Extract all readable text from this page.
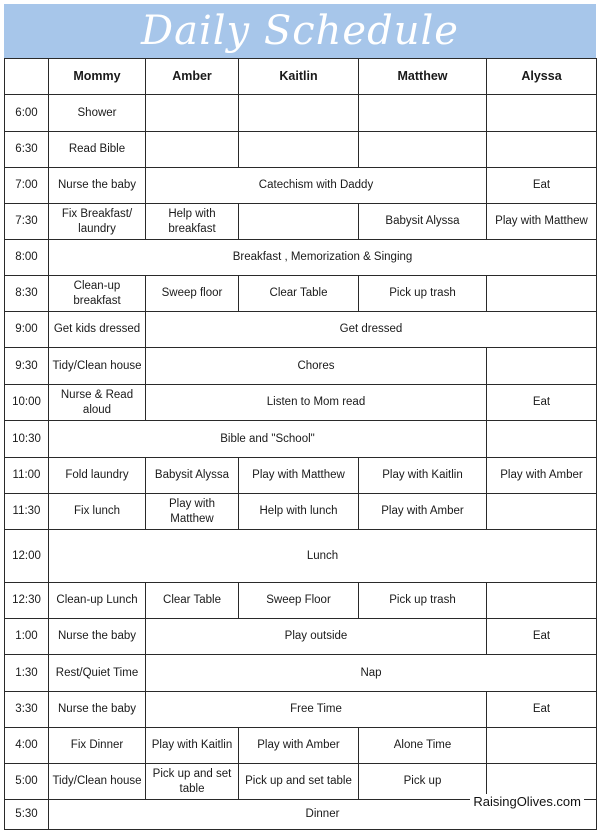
Daily Schedule
	Mommy	Amber	Kaitlin	Matthew	Alyssa
6:00	Shower				
6:30	Read Bible				
7:00	Nurse the baby	Catechism with Daddy			Eat
7:30	Fix Breakfast/ laundry	Help with breakfast		Babysit Alyssa	Play with Matthew
8:00	Breakfast , Memorization & Singing				
8:30	Clean-up breakfast	Sweep floor	Clear Table	Pick up trash	
9:00	Get kids dressed	Get dressed			
9:30	Tidy/Clean house	Chores			
10:00	Nurse & Read aloud	Listen to Mom read			Eat
10:30	Bible and "School"				
11:00	Fold laundry	Babysit Alyssa	Play with Matthew	Play with Kaitlin	Play with Amber
11:30	Fix lunch	Play with Matthew	Help with lunch	Play with Amber	
12:00	Lunch				
12:30	Clean-up Lunch	Clear Table	Sweep Floor	Pick up trash	
1:00	Nurse the baby	Play outside			Eat
1:30	Rest/Quiet Time	Nap			
3:30	Nurse the baby	Free Time			Eat
4:00	Fix Dinner	Play with Kaitlin	Play with Amber	Alone Time	
5:00	Tidy/Clean house	Pick up and set table	Pick up and set table	Pick up	
5:30	Dinner				
RaisingOlives.com
